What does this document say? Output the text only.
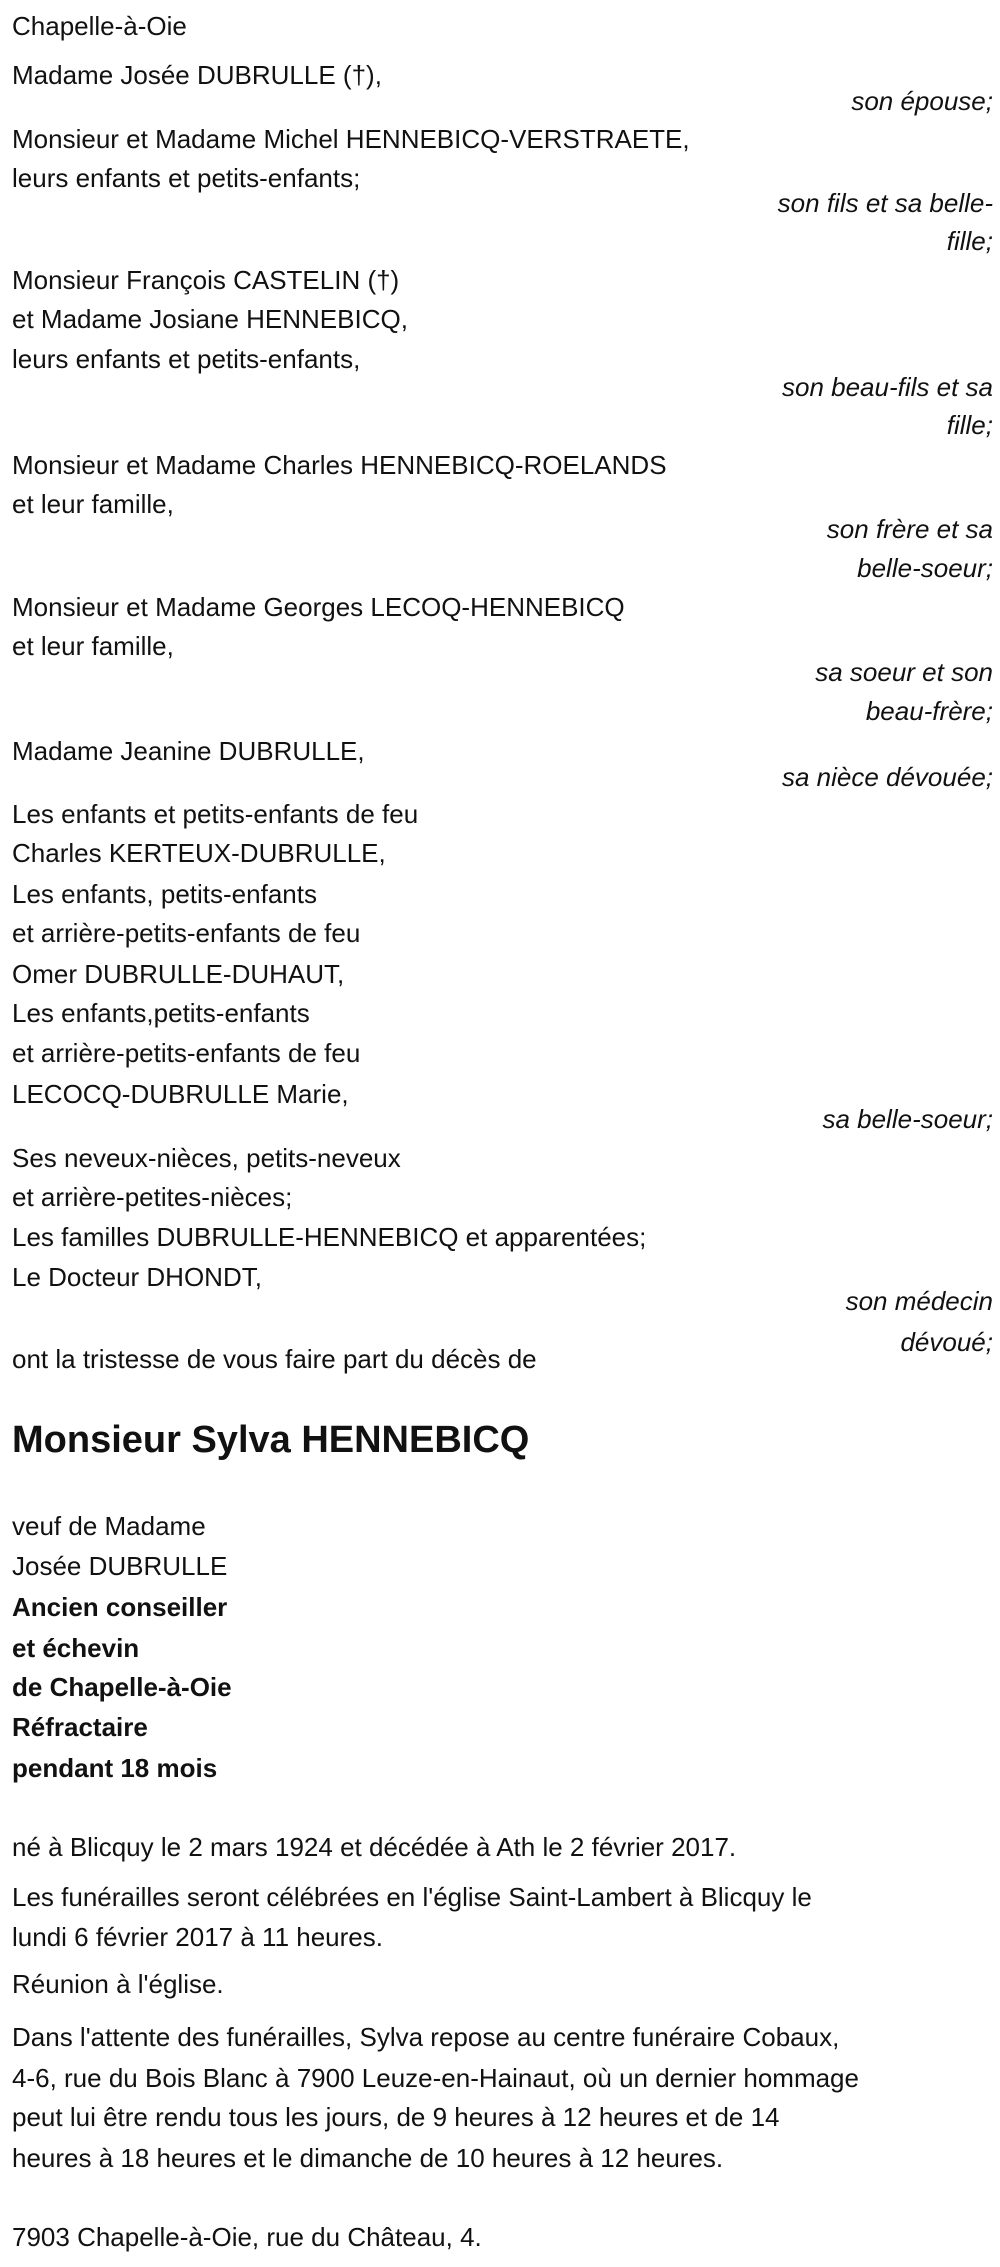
Chapelle-à-Oie
Monsieur Sylva HENNEBICQ
7903 Chapelle-à-Oie, rue du Château, 4.
Madame Josée DUBRULLE (†),
Monsieur et Madame Michel HENNEBICQ-VERSTRAETE,
leurs enfants et petits-enfants;
Monsieur François CASTELIN (†)
et Madame Josiane HENNEBICQ,
leurs enfants et petits-enfants,
Monsieur et Madame Charles HENNEBICQ-ROELANDS
et leur famille,
Monsieur et Madame Georges LECOQ-HENNEBICQ
et leur famille,
Madame Jeanine DUBRULLE,
Les enfants et petits-enfants de feu
Charles KERTEUX-DUBRULLE,
Les enfants, petits-enfants
et arrière-petits-enfants de feu
Omer DUBRULLE-DUHAUT,
Les enfants,petits-enfants
et arrière-petits-enfants de feu
LECOCQ-DUBRULLE Marie,
Ses neveux-nièces, petits-neveux
et arrière-petites-nièces;
Les familles DUBRULLE-HENNEBICQ et apparentées;
Le Docteur DHONDT,
ont la tristesse de vous faire part du décès de
son épouse;
son fils et sa belle-
fille;
son beau-fils et sa
fille;
son frère et sa
belle-soeur;
sa soeur et son
beau-frère;
sa nièce dévouée;
sa belle-soeur;
son médecin
dévoué;
veuf de Madame
Josée DUBRULLE
Ancien conseiller
et échevin
de Chapelle-à-Oie
Réfractaire
pendant 18 mois
né à Blicquy le 2 mars 1924 et décédée à Ath le 2 février 2017.
Les funérailles seront célébrées en l'église Saint-Lambert à Blicquy le
lundi 6 février 2017 à 11 heures.
Réunion à l'église.
Dans l'attente des funérailles, Sylva repose au centre funéraire Cobaux,
4-6, rue du Bois Blanc à 7900 Leuze-en-Hainaut, où un dernier hommage
peut lui être rendu tous les jours, de 9 heures à 12 heures et de 14
heures à 18 heures et le dimanche de 10 heures à 12 heures.
